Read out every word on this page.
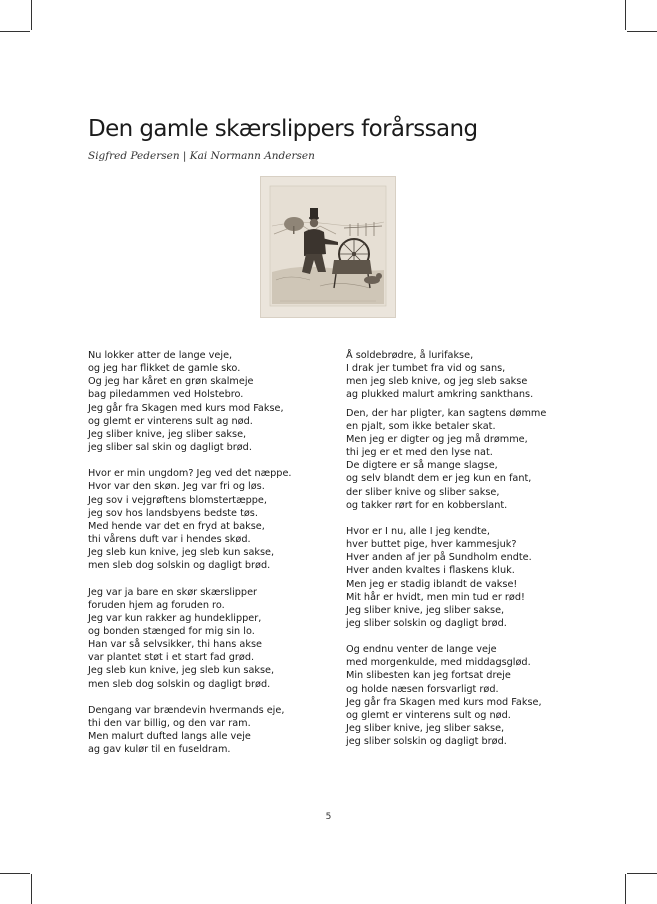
Den gamle skærslippers forårssang
Sigfred Pedersen | Kai Normann Andersen
Nu lokker atter de lange veje,
og jeg har flikket de gamle sko.
Og jeg har kåret en grøn skalmeje
bag piledammen ved Holstebro.
Jeg går fra Skagen med kurs mod Fakse,
og glemt er vinterens sult ag nød.
Jeg sliber knive, jeg sliber sakse,
jeg sliber sal skin og dagligt brød.
Hvor er min ungdom? Jeg ved det næppe.
Hvor var den skøn. Jeg var fri og løs.
Jeg sov i vejgrøftens blomstertæppe,
jeg sov hos landsbyens bedste tøs.
Med hende var det en fryd at bakse,
thi vårens duft var i hendes skød.
Jeg sleb kun knive, jeg sleb kun sakse,
men sleb dog solskin og dagligt brød.
Jeg var ja bare en skør skærslipper
foruden hjem ag foruden ro.
Jeg var kun rakker ag hundeklipper,
og bonden stænged for mig sin lo.
Han var så selvsikker, thi hans akse
var plantet støt i et start fad grød.
Jeg sleb kun knive, jeg sleb kun sakse,
men sleb dog solskin og dagligt brød.
Dengang var brændevin hvermands eje,
thi den var billig, og den var ram.
Men malurt dufted langs alle veje
ag gav kulør til en fuseldram.
Å soldebrødre, å lurifakse,
I drak jer tumbet fra vid og sans,
men jeg sleb knive, og jeg sleb sakse
ag plukked malurt amkring sankthans.
Den, der har pligter, kan sagtens dømme
en pjalt, som ikke betaler skat.
Men jeg er digter og jeg må drømme,
thi jeg er et med den lyse nat.
De digtere er så mange slagse,
og selv blandt dem er jeg kun en fant,
der sliber knive og sliber sakse,
og takker rørt for en kobberslant.
Hvor er I nu, alle I jeg kendte,
hver buttet pige, hver kammesjuk?
Hver anden af jer på Sundholm endte.
Hver anden kvaltes i flaskens kluk.
Men jeg er stadig iblandt de vakse!
Mit hår er hvidt, men min tud er rød!
Jeg sliber knive, jeg sliber sakse,
jeg sliber solskin og dagligt brød.
Og endnu venter de lange veje
med morgenkulde, med middagsglød.
Min slibesten kan jeg fortsat dreje
og holde næsen forsvarligt rød.
Jeg går fra Skagen med kurs mod Fakse,
og glemt er vinterens sult og nød.
Jeg sliber knive, jeg sliber sakse,
jeg sliber solskin og dagligt brød.
5
